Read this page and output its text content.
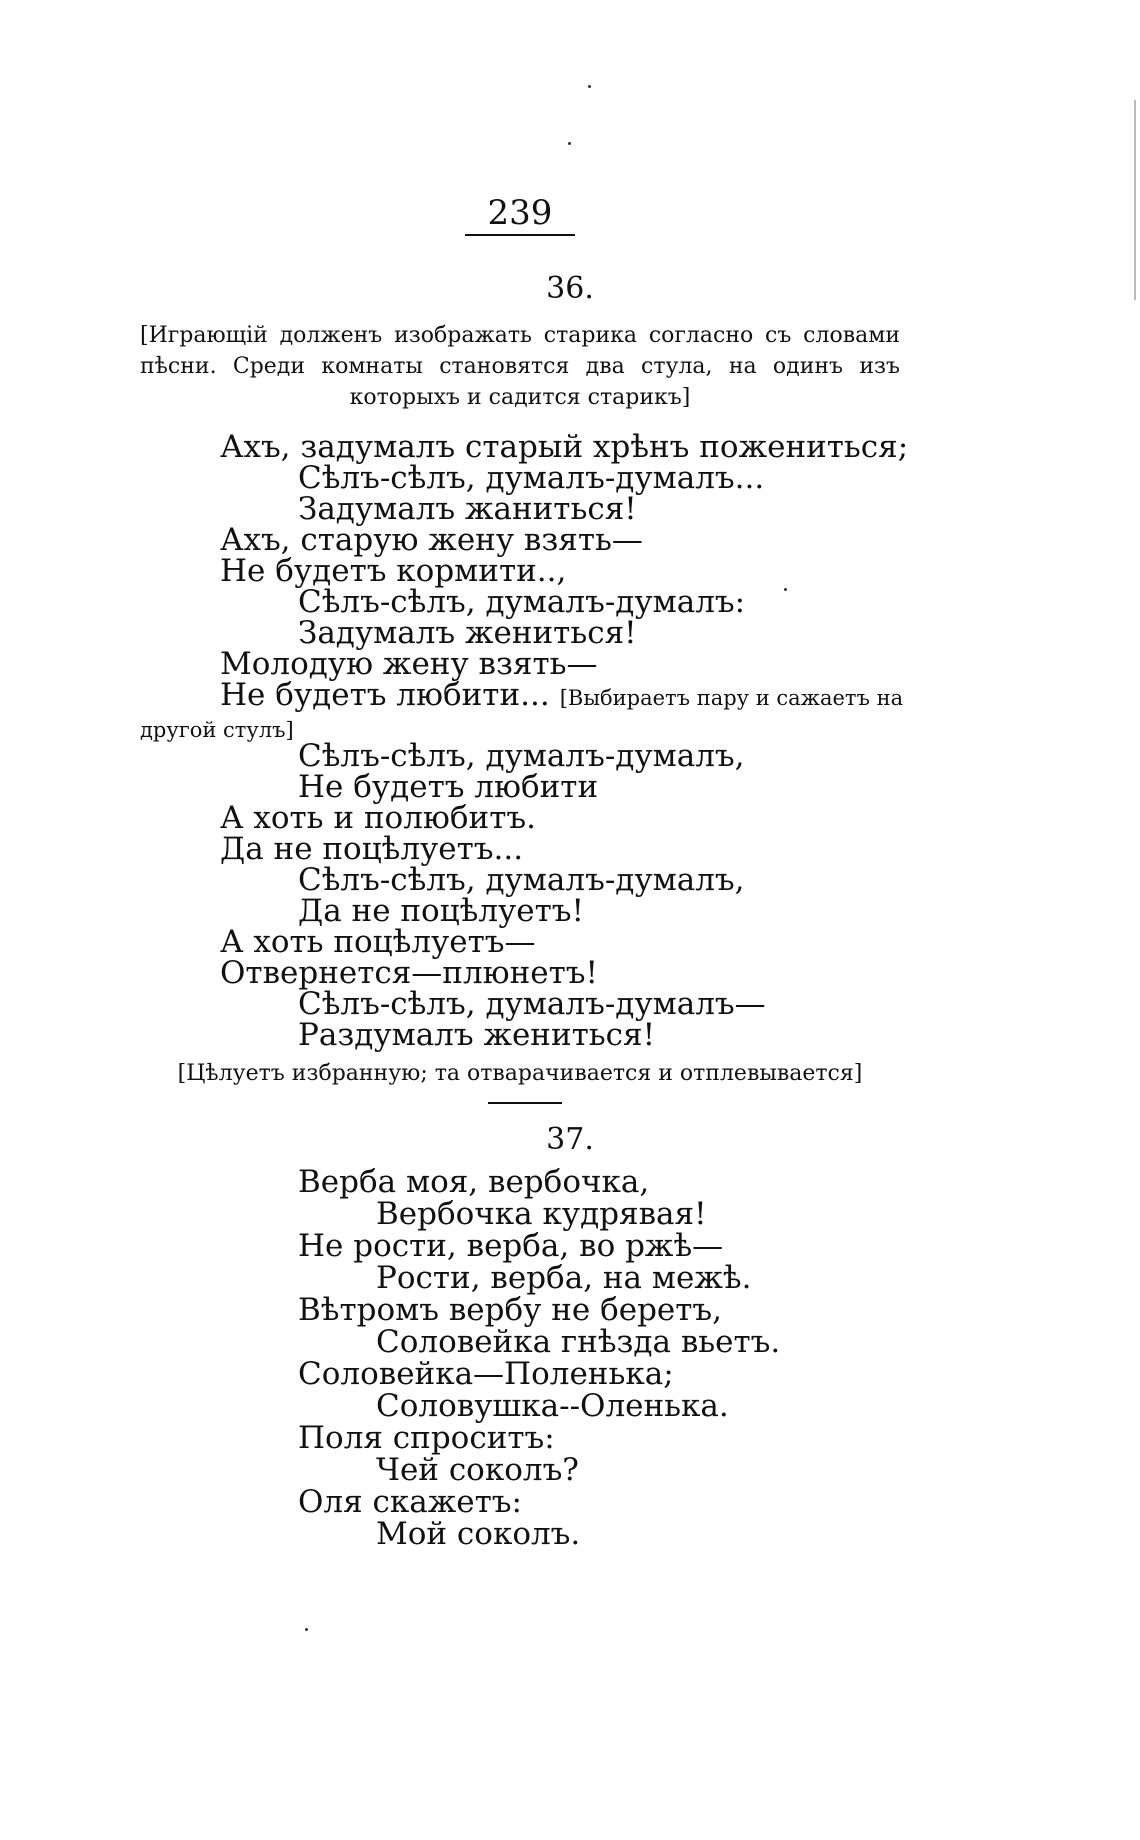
239
36.
[Играющій долженъ изображать старика согласно съ словами пѣсни. Среди комнаты становятся два стула, на одинъ изъ которыхъ и садится старикъ]
Ахъ, задумалъ старый хрѣнъ пожениться;
Сѣлъ-сѣлъ, думалъ-думалъ...
Задумалъ жаниться!
Ахъ, старую жену взять—
Не будетъ кормити..,
Сѣлъ-сѣлъ, думалъ-думалъ:
Задумалъ жениться!
Молодую жену взять—
Не будетъ любити... [Выбираетъ пару и сажаетъ на
другой стулъ]
Сѣлъ-сѣлъ, думалъ-думалъ,
Не будетъ любити
А хоть и полюбитъ.
Да не поцѣлуетъ...
Сѣлъ-сѣлъ, думалъ-думалъ,
Да не поцѣлуетъ!
А хоть поцѣлуетъ—
Отвернется—плюнетъ!
Сѣлъ-сѣлъ, думалъ-думалъ—
Раздумалъ жениться!
[Цѣлуетъ избранную; та отварачивается и отплевывается]
37.
Верба моя, вербочка,
Вербочка кудрявая!
Не рости, верба, во ржѣ—
Рости, верба, на межѣ.
Вѣтромъ вербу не беретъ,
Соловейка гнѣзда вьетъ.
Соловейка—Поленька;
Соловушка--Оленька.
Поля спроситъ:
Чей соколъ?
Оля скажетъ:
Мой соколъ.
